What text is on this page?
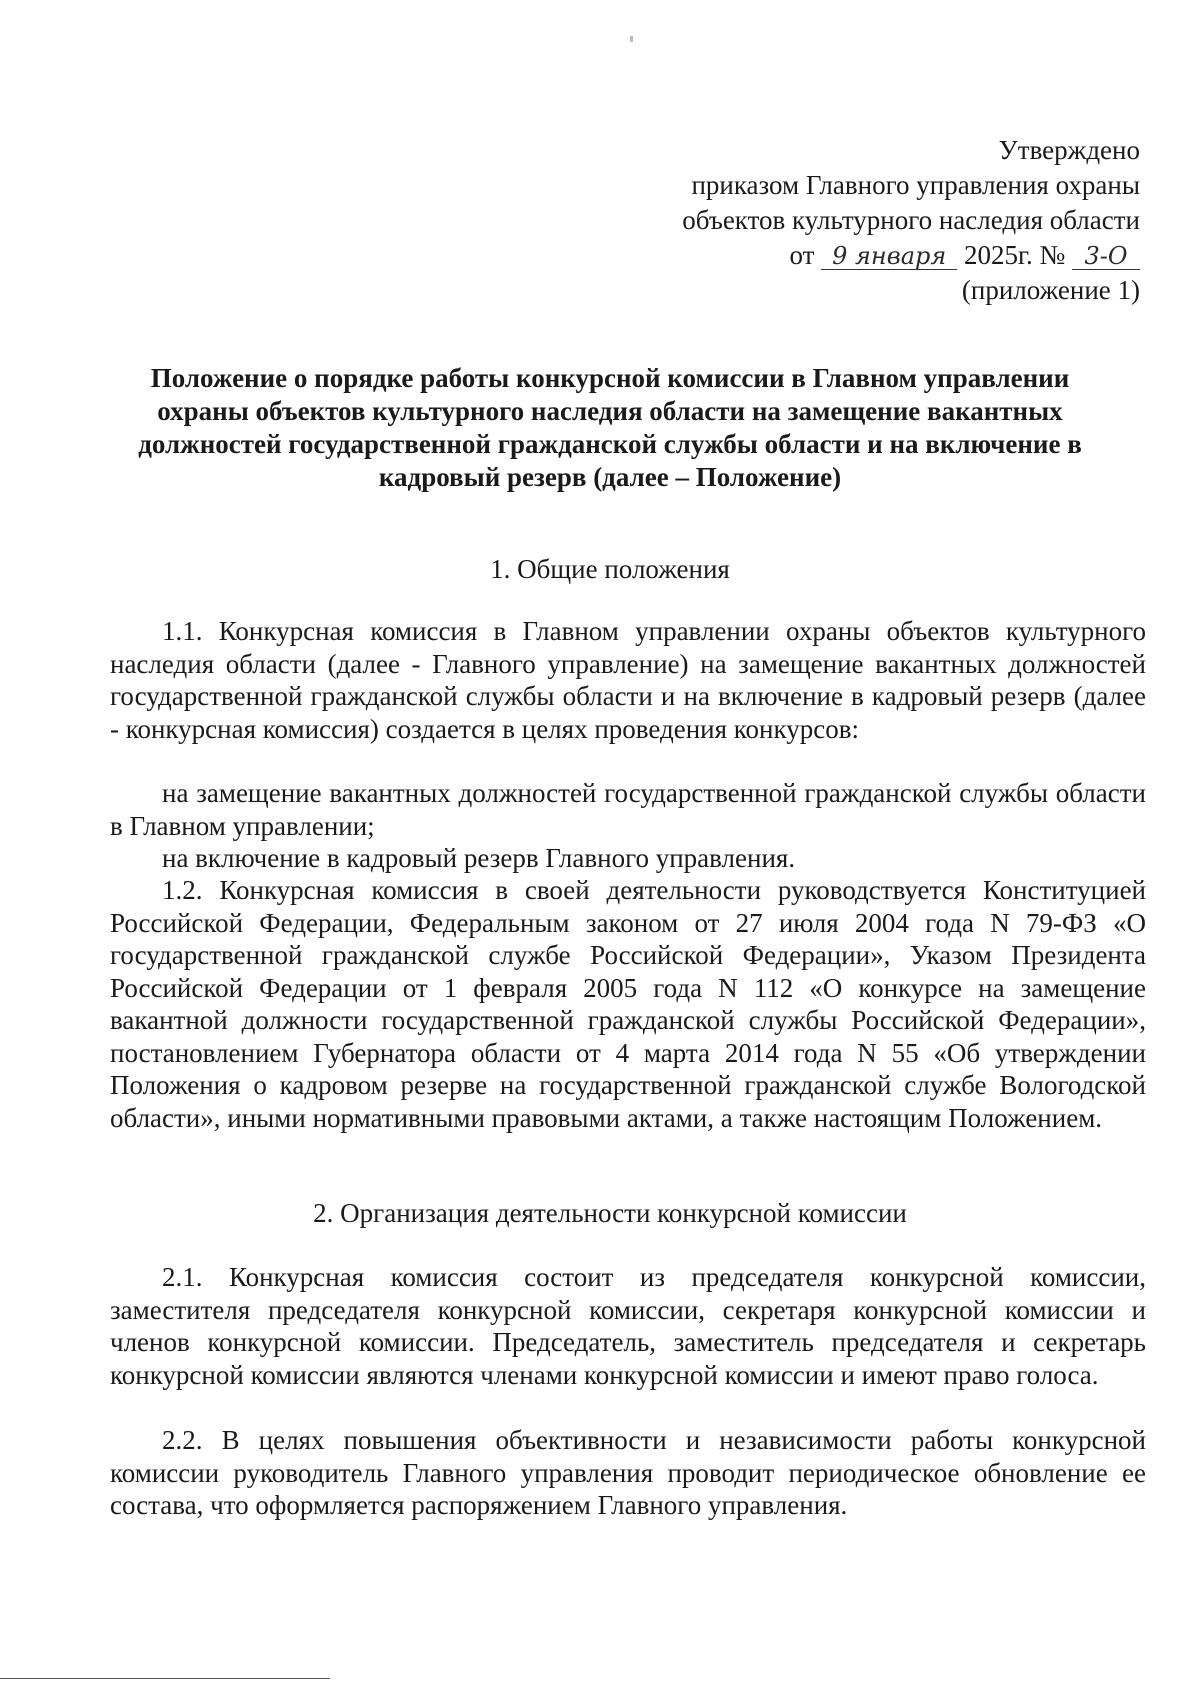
Утверждено
приказом Главного управления охраны
объектов культурного наследия области
от 9 января 2025г. № 3-О
(приложение 1)
Положение о порядке работы конкурсной комиссии в Главном управлении
охраны объектов культурного наследия области на замещение вакантных
должностей государственной гражданской службы области и на включение в
кадровый резерв (далее – Положение)
1. Общие положения

1.1. Конкурсная комиссия в Главном управлении охраны объектов культурного наследия области (далее - Главного управление) на замещение вакантных должностей государственной гражданской службы области и на включение в кадровый резерв (далее - конкурсная комиссия) создается в целях проведения конкурсов:

на замещение вакантных должностей государственной гражданской службы области в Главном управлении;

на включение в кадровый резерв Главного управления.

1.2. Конкурсная комиссия в своей деятельности руководствуется Конституцией Российской Федерации, Федеральным законом от 27 июля 2004 года N 79-ФЗ «О государственной гражданской службе Российской Федерации», Указом Президента Российской Федерации от 1 февраля 2005 года N 112 «О конкурсе на замещение вакантной должности государственной гражданской службы Российской Федерации», постановлением Губернатора области от 4 марта 2014 года N 55 «Об утверждении Положения о кадровом резерве на государственной гражданской службе Вологодской области», иными нормативными правовыми актами, а также настоящим Положением.

2. Организация деятельности конкурсной комиссии

2.1. Конкурсная комиссия состоит из председателя конкурсной комиссии, заместителя председателя конкурсной комиссии, секретаря конкурсной комиссии и членов конкурсной комиссии. Председатель, заместитель председателя и секретарь конкурсной комиссии являются членами конкурсной комиссии и имеют право голоса.

2.2. В целях повышения объективности и независимости работы конкурсной комиссии руководитель Главного управления проводит периодическое обновление ее состава, что оформляется распоряжением Главного управления.
